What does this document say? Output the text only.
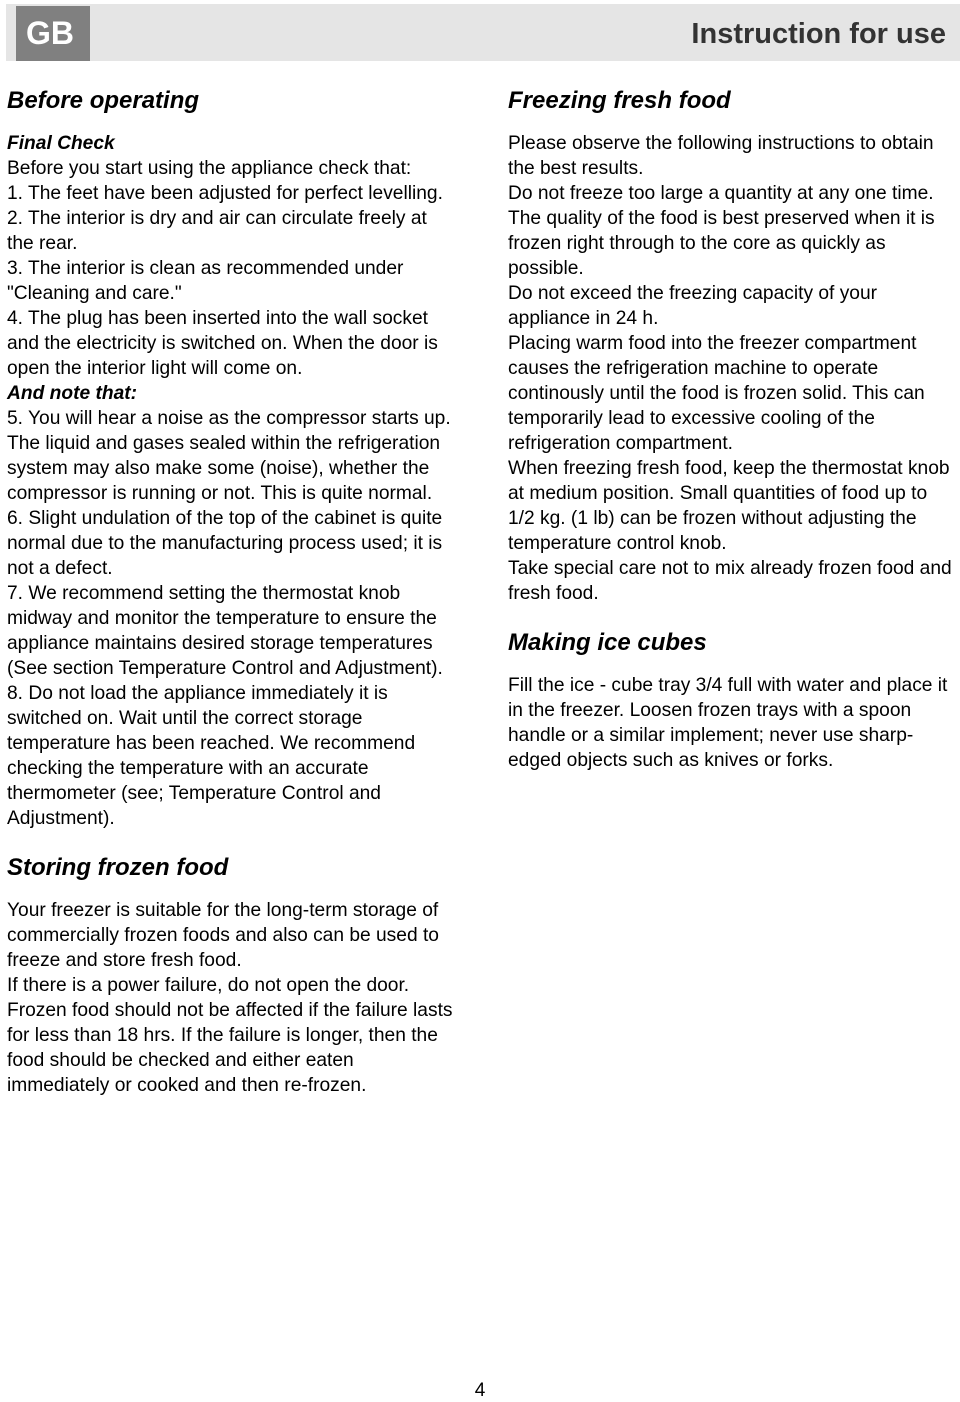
GB	Instruction for use

Before operating

Final Check

Before you start using the appliance check that:

1. The feet have been adjusted for perfect levelling.

2. The interior is dry and air can circulate freely at the rear.

3. The interior is clean as recommended under "Cleaning and care."

4. The plug has been inserted into the wall socket and the electricity is switched on. When the door is open the interior light will come on.

And note that:

5. You will hear a noise as the compressor starts up. The liquid and gases sealed within the refrigeration system may also make some (noise), whether the compressor is running or not. This is quite normal.

6. Slight undulation of the top of the cabinet is quite normal due to the manufacturing process used; it is not a defect.

7. We recommend setting the thermostat knob midway and monitor the temperature to ensure the appliance maintains desired storage temperatures (See section Temperature Control and Adjustment).

8. Do not load the appliance immediately it is switched on. Wait until the correct storage temperature has been reached. We recommend checking the temperature with an accurate thermometer (see; Temperature Control and Adjustment).

Storing frozen food

Your freezer is suitable for the long-term storage of commercially frozen foods and also can be used to freeze and store fresh food.

If there is a power failure, do not open the door. Frozen food should not be affected if the failure lasts for less than 18 hrs. If the failure is longer, then the food should be checked and either eaten immediately or cooked and then re-frozen.

Freezing fresh food

Please observe the following instructions to obtain the best results.

Do not freeze too large a quantity at any one time. The quality of the food is best preserved when it is frozen right through to the core as quickly as possible.

Do not exceed the freezing capacity of your appliance in 24 h.

Placing warm food into the freezer compartment causes the refrigeration machine to operate continously until the food is frozen solid. This can temporarily lead to excessive cooling of the refrigeration compartment.

When freezing fresh food, keep the thermostat knob at medium position. Small quantities of food up to 1/2 kg. (1 lb) can be frozen without adjusting the temperature control knob.

Take special care not to mix already frozen food and fresh food.

Making ice cubes

Fill the ice - cube tray 3/4 full with water and place it in the freezer. Loosen frozen trays with a spoon handle or a similar implement; never use sharp-edged objects such as knives or forks.

4
